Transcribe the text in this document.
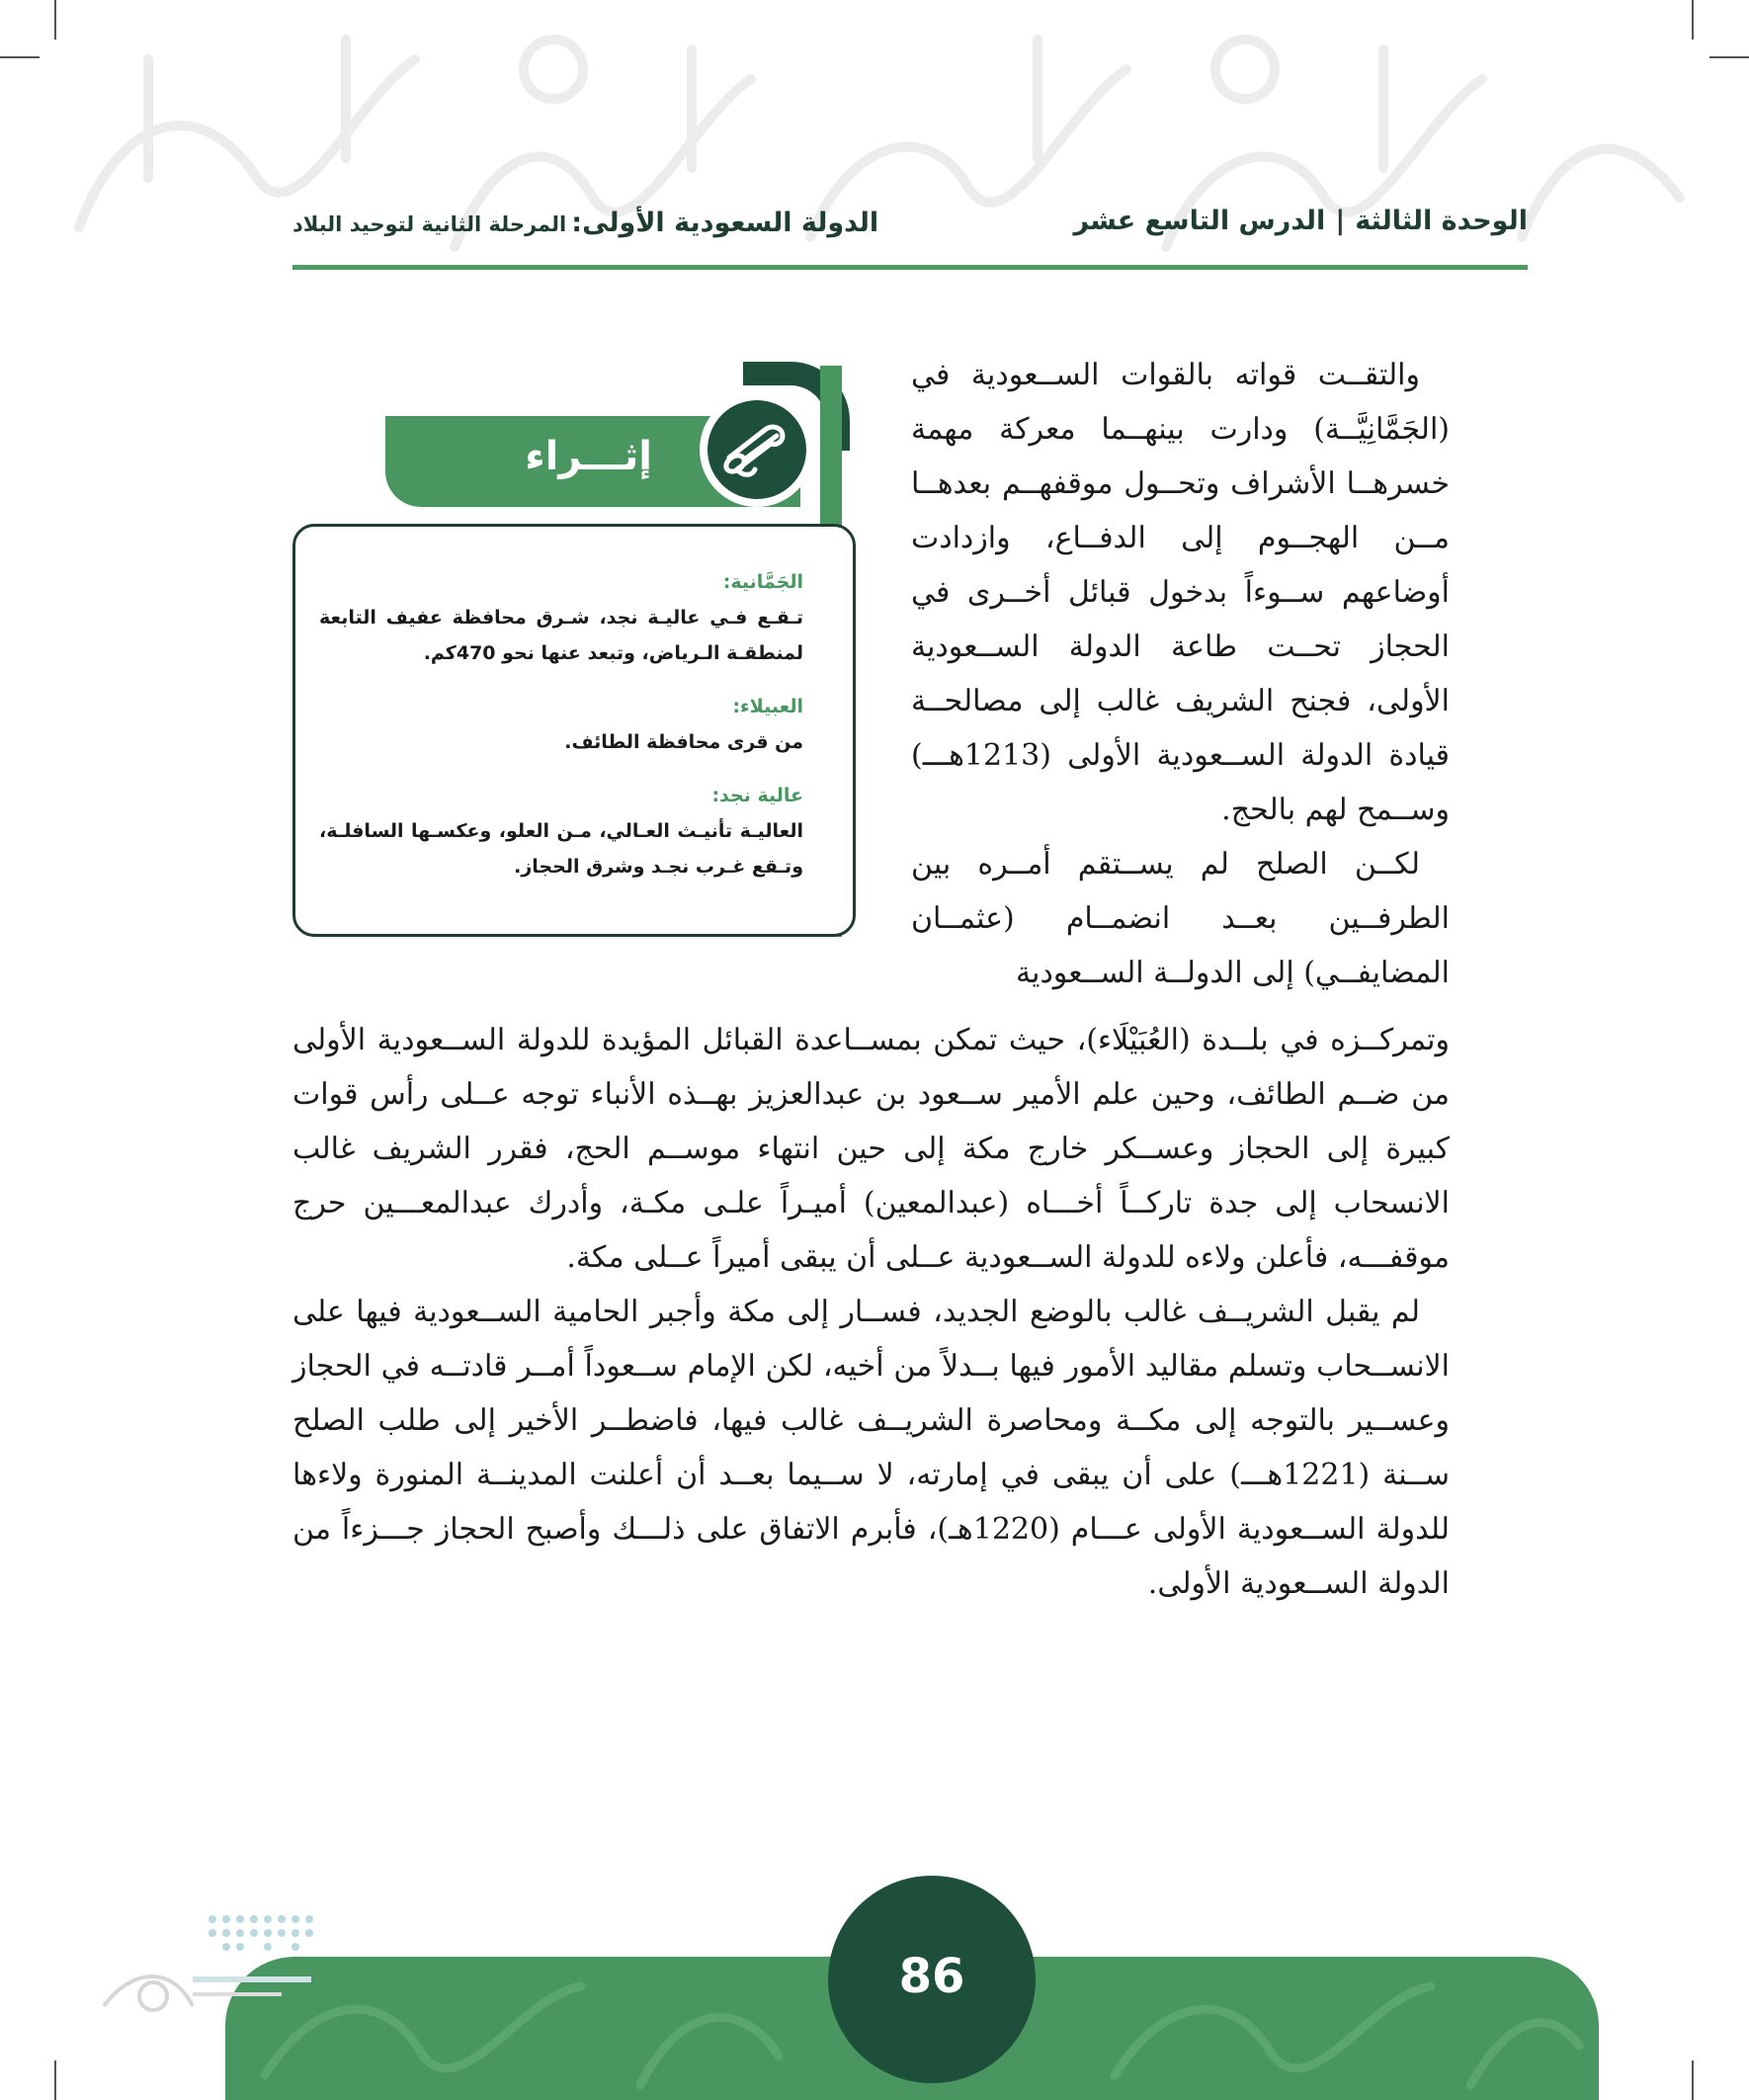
الوحدة الثالثة|الدرس التاسع عشر
الدولة السعودية الأولى: المرحلة الثانية لتوحيد البلاد
إثـــراء

الجَمَّانية:

تـقـع فـي عاليـة نجد، شـرق محافظة عفيف التابعة لمنطقـة الـرياض، وتبعد عنها نحو 470كم.

العبيلاء:

من قرى محافظة الطائف.

عالية نجد:

العاليـة تأنيـث العـالي، مـن العلو، وعكسـها السافلـة، وتـقع غـرب نجـد وشرق الحجاز.

والتقــت قواته بالقوات الســعودية في (الجَمَّانِيَّــة) ودارت بينهــما معركة مهمة خسرهــا الأشراف وتحــول موقفهــم بعدهــا مــن الهجــوم إلى الدفــاع، وازدادت أوضاعهم ســوءاً بدخول قبائل أخــرى في الحجاز تحــت طاعة الدولة الســعودية الأولى، فجنح الشريف غالب إلى مصالحــة قيادة الدولة الســعودية الأولى (1213هـــ) وســمح لهم بالحج.

لكــن الصلح لم يســتقم أمــره بين الطرفــين بعــد انضمــام (عثمــان المضايفــي) إلى الدولــة الســعودية

وتمركــزه في بلــدة (العُبَيْلَاء)، حيث تمكن بمســاعدة القبائل المؤيدة للدولة الســعودية الأولى من ضــم الطائف، وحين علم الأمير ســعود بن عبدالعزيز بهــذه الأنباء توجه عــلى رأس قوات كبيرة إلى الحجاز وعســكر خارج مكة إلى حين انتهاء موســم الحج، فقرر الشريف غالب الانسحاب إلى جدة تاركــاً أخـــاه (عبدالمعين) أميـراً علـى مكـة، وأدرك عبدالمعـــين حرج موقفـــه، فأعلن ولاءه للدولة الســعودية عــلى أن يبقى أميراً عــلى مكة.

لم يقبل الشريــف غالب بالوضع الجديد، فســار إلى مكة وأجبر الحامية الســعودية فيها على الانســحاب وتسلم مقاليد الأمور فيها بــدلاً من أخيه، لكن الإمام ســعوداً أمــر قادتــه في الحجاز وعســير بالتوجه إلى مكــة ومحاصرة الشريــف غالب فيها، فاضطــر الأخير إلى طلب الصلح ســنة (1221هـــ) على أن يبقى في إمارته، لا ســيما بعــد أن أعلنت المدينــة المنورة ولاءها للدولة الســعودية الأولى عـــام (1220هـ)، فأبرم الاتفاق على ذلـــك وأصبح الحجاز جـــزءاً من الدولة الســعودية الأولى.

86
